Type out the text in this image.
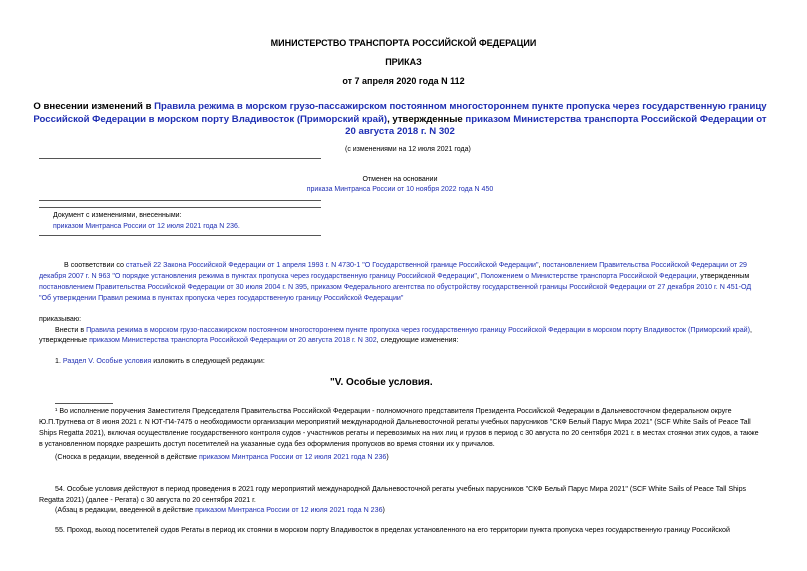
МИНИСТЕРСТВО ТРАНСПОРТА РОССИЙСКОЙ ФЕДЕРАЦИИ
ПРИКАЗ
от 7 апреля 2020 года N 112
О внесении изменений в Правила режима в морском грузо-пассажирском постоянном многостороннем пункте пропуска через государственную границу Российской Федерации в морском порту Владивосток (Приморский край), утвержденные приказом Министерства транспорта Российской Федерации от 20 августа 2018 г. N 302
(с изменениями на 12 июля 2021 года)
Отменен на основании
приказа Минтранса России от 10 ноября 2022 года N 450
Документ с изменениями, внесенными:
приказом Минтранса России от 12 июля 2021 года N 236.
В соответствии со статьей 22 Закона Российской Федерации от 1 апреля 1993 г. N 4730-1 "О Государственной границе Российской Федерации", постановлением Правительства Российской Федерации от 29
декабря 2007 г. N 963 "О порядке установления режима в пунктах пропуска через государственную границу Российской Федерации", Положением о Министерстве транспорта Российской Федерации, утвержденным
постановлением Правительства Российской Федерации от 30 июля 2004 г. N 395, приказом Федерального агентства по обустройству государственной границы Российской Федерации от 27 декабря 2010 г. N 451-ОД
"Об утверждении Правил режима в пунктах пропуска через государственную границу Российской Федерации"
приказываю:
Внести в Правила режима в морском грузо-пассажирском постоянном многостороннем пункте пропуска через государственную границу Российской Федерации в морском порту Владивосток (Приморский край),
утвержденные приказом Министерства транспорта Российской Федерации от 20 августа 2018 г. N 302, следующие изменения:
1. Раздел V. Особые условия изложить в следующей редакции:
"V. Особые условия.
¹ Во исполнение поручения Заместителя Председателя Правительства Российской Федерации - полномочного представителя Президента Российской Федерации в Дальневосточном федеральном округе
Ю.П.Трутнева от 8 июня 2021 г. N ЮТ-П4-7475 о необходимости организации мероприятий международной Дальневосточной регаты учебных парусников "СКФ Белый Парус Мира 2021" (SCF White Sails of Peace Tall
Ships Regatta 2021), включая осуществление государственного контроля судов - участников регаты и перевозимых на них лиц и грузов в период с 30 августа по 20 сентября 2021 г. в местах стоянки этих судов, а также
в установленном порядке разрешить доступ посетителей на указанные суда без оформления пропусков во время стоянки их у причалов.
(Сноска в редакции, введенной в действие приказом Минтранса России от 12 июля 2021 года N 236)
54. Особые условия действуют в период проведения в 2021 году мероприятий международной Дальневосточной регаты учебных парусников "СКФ Белый Парус Мира 2021" (SCF White Sails of Peace Tall Ships
Regatta 2021) (далее - Регата) с 30 августа по 20 сентября 2021 г.
(Абзац в редакции, введенной в действие приказом Минтранса России от 12 июля 2021 года N 236)
55. Проход, выход посетителей судов Регаты в период их стоянки в морском порту Владивосток в пределах установленного на его территории пункта пропуска через государственную границу Российской
